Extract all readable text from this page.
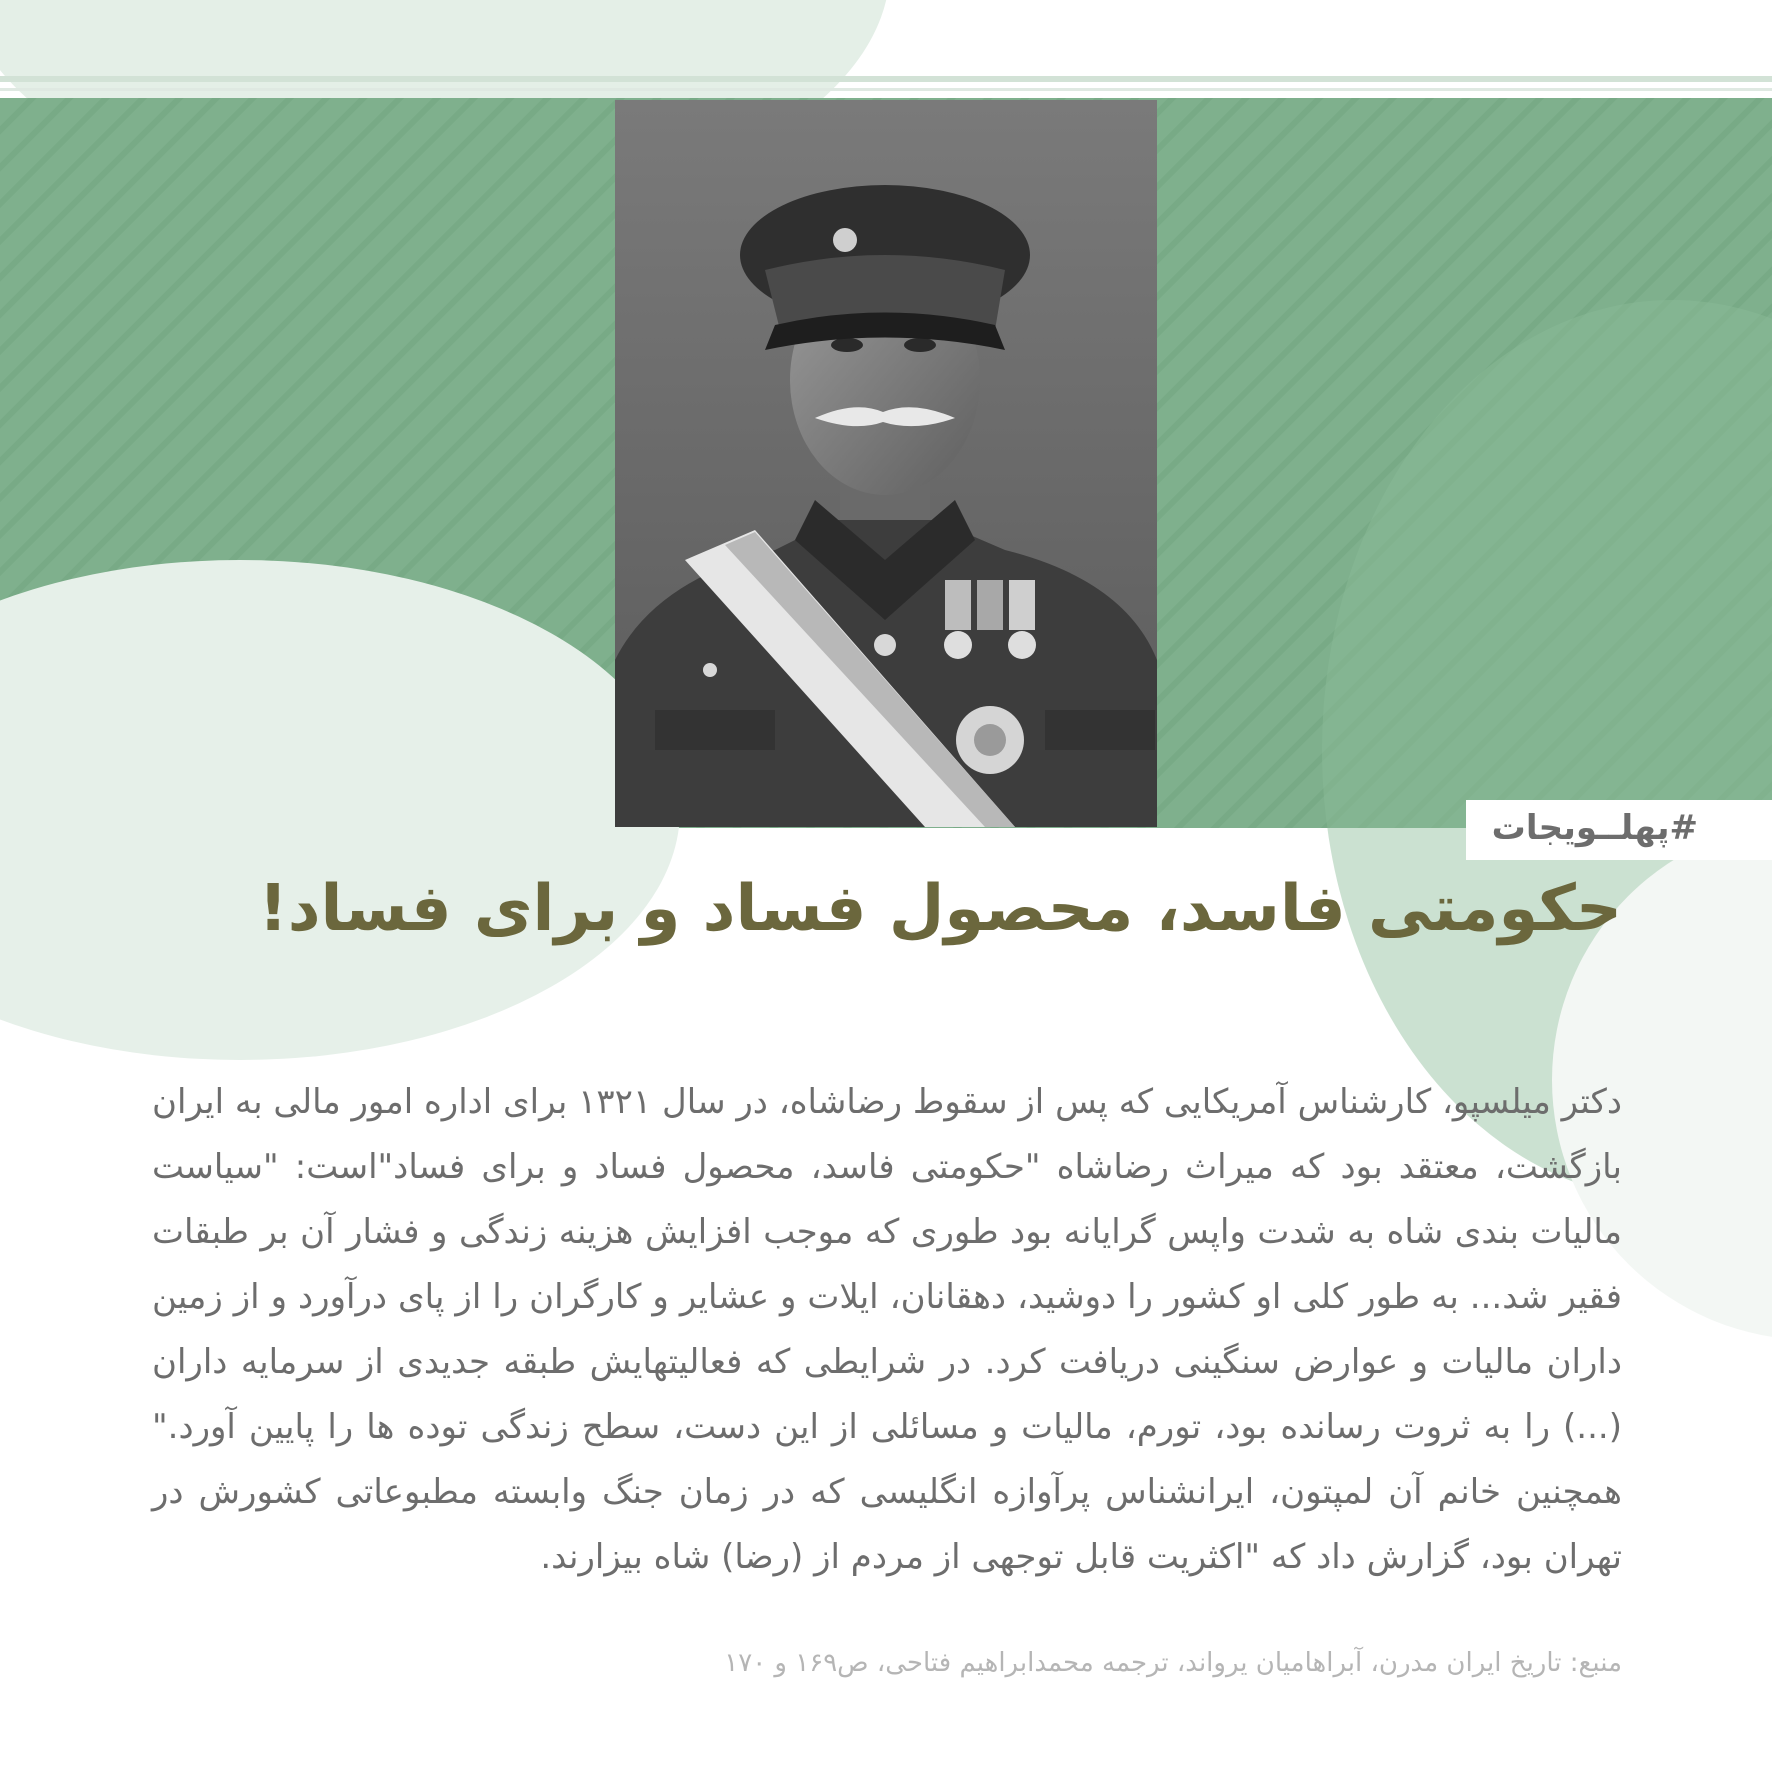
#پهلــویجات
حکومتی فاسد، محصول فساد و برای فساد!

دکتر میلسپو، کارشناس آمریکایی که پس از سقوط رضاشاه، در سال ۱۳۲۱ برای اداره امور مالی به ایران بازگشت، معتقد بود که میراث رضاشاه "حکومتی فاسد، محصول فساد و برای فساد"است: "سیاست مالیات بندی شاه به شدت واپس گرایانه بود طوری که موجب افزایش هزینه زندگی و فشار آن بر طبقات فقیر شد... به طور کلی او کشور را دوشید، دهقانان، ایلات و عشایر و کارگران را از پای درآورد و از زمین داران مالیات و عوارض سنگینی دریافت کرد. در شرایطی که فعالیتهایش طبقه جدیدی از سرمایه داران (...) را به ثروت رسانده بود، تورم، مالیات و مسائلی از این دست، سطح زندگی توده ها را پایین آورد." همچنین خانم آن لمپتون، ایرانشناس پرآوازه انگلیسی که در زمان جنگ وابسته مطبوعاتی کشورش در تهران بود، گزارش داد که "اکثریت قابل توجهی از مردم از (رضا) شاه بیزارند.

منبع: تاریخ ایران مدرن، آبراهامیان یرواند، ترجمه محمدابراهیم فتاحی، ص۱۶۹ و ۱۷۰
